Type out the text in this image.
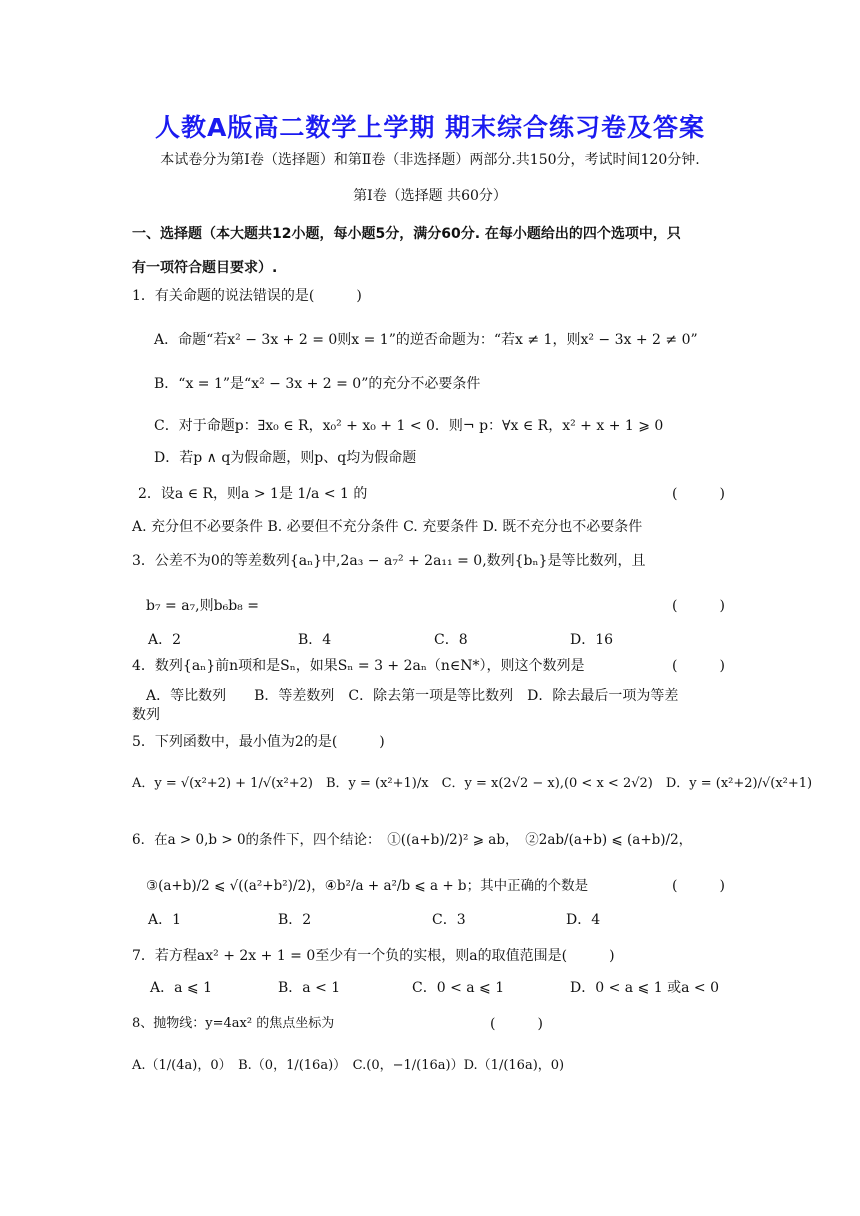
人教A版高二数学上学期 期末综合练习卷及答案
本试卷分为第Ⅰ卷（选择题）和第Ⅱ卷（非选择题）两部分.共150分，考试时间120分钟.
第Ⅰ卷（选择题 共60分）
一、选择题（本大题共12小题，每小题5分，满分60分. 在每小题给出的四个选项中，只
有一项符合题目要求）.
1．有关命题的说法错误的是(　　　)
A．命题“若x² − 3x + 2 = 0则x = 1”的逆否命题为：“若x ≠ 1，则x² − 3x + 2 ≠ 0”
B．“x = 1”是“x² − 3x + 2 = 0”的充分不必要条件
C．对于命题p：∃x₀ ∈ R，x₀² + x₀ + 1 < 0．则¬ p：∀x ∈ R，x² + x + 1 ⩾ 0
D．若p ∧ q为假命题，则p、q均为假命题
2．设a ∈ R，则a > 1是 1/a < 1 的	(　　　)
A. 充分但不必要条件 B. 必要但不充分条件 C. 充要条件 D. 既不充分也不必要条件
3．公差不为0的等差数列{aₙ}中,2a₃ − a₇² + 2a₁₁ = 0,数列{bₙ}是等比数列，且
b₇ = a₇,则b₆b₈ =	(　　　)
A．2	B．4	C．8	D．16
4．数列{aₙ}前n项和是Sₙ，如果Sₙ = 3 + 2aₙ（n∈N*），则这个数列是	(　　　)
A．等比数列　　B．等差数列　C．除去第一项是等比数列　D．除去最后一项为等差
数列
5．下列函数中，最小值为2的是(　　　)
A．y = √(x²+2) + 1/√(x²+2)　B．y = (x²+1)/x　C．y = x(2√2 − x),(0 < x < 2√2)　D．y = (x²+2)/√(x²+1)
6．在a > 0,b > 0的条件下，四个结论：　①((a+b)/2)² ⩾ ab，　②2ab/(a+b) ⩽ (a+b)/2，
③(a+b)/2 ⩽ √((a²+b²)/2)，④b²/a + a²/b ⩽ a + b；其中正确的个数是	(　　　)
A．1	B．2	C．3	D．4
7．若方程ax² + 2x + 1 = 0至少有一个负的实根，则a的取值范围是(　　　)
A．a ⩽ 1	B．a < 1	C．0 < a ⩽ 1	D．0 < a ⩽ 1 或a < 0
8、抛物线：y=4ax² 的焦点坐标为	(　　　)
A.（1/(4a)，0）　B.（0，1/(16a)）　C.(0，−1/(16a)）D.（1/(16a)，0)
